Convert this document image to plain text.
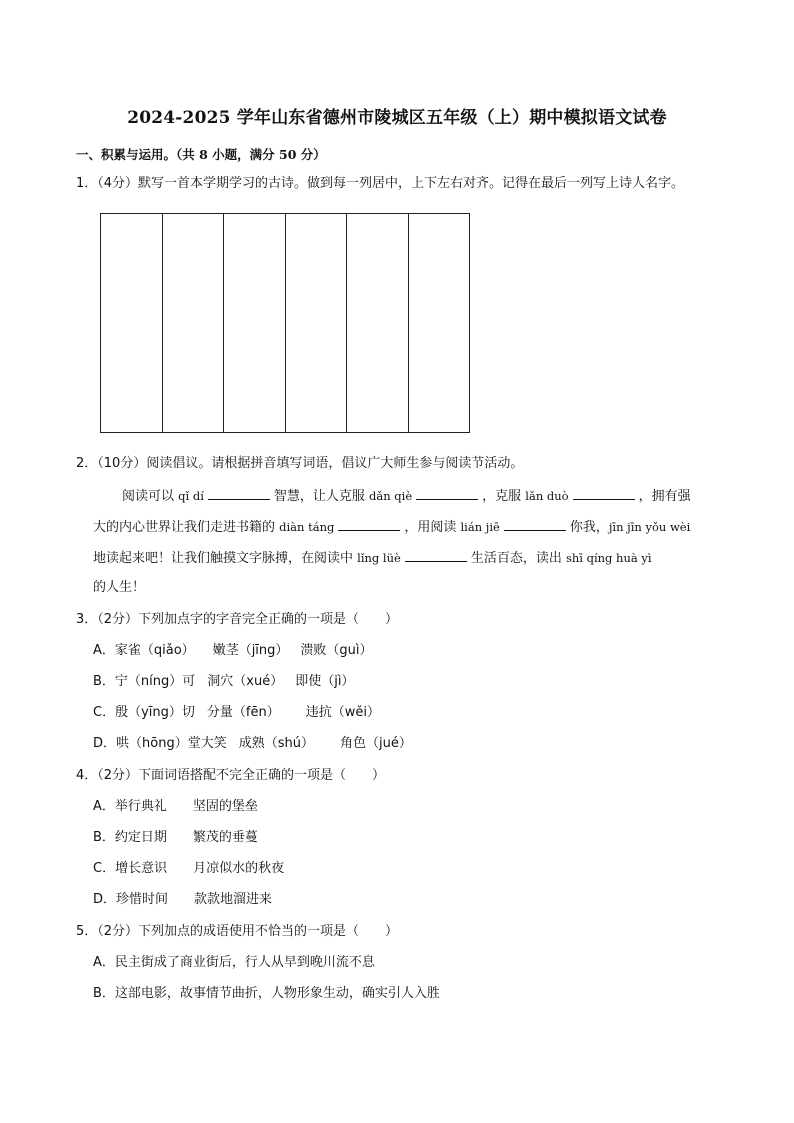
2024-2025 学年山东省德州市陵城区五年级（上）期中模拟语文试卷
一、积累与运用。（共 8 小题，满分 50 分）
1．（4分）默写一首本学期学习的古诗。做到每一列居中，上下左右对齐。记得在最后一列写上诗人名字。
2．（10分）阅读倡议。请根据拼音填写词语，倡议广大师生参与阅读节活动。
阅读可以 qǐ dí	智慧，让人克服 dǎn qiè	，克服 lǎn duò	，拥有强
大的内心世界让我们走进书籍的 diàn táng	，用阅读 lián jiē	你我，jīn jīn yǒu wèi
地读起来吧！让我们触摸文字脉搏，在阅读中 lǐng lüè	生活百态，读出 shī qíng huà yì
的人生！
3．（2分）下列加点字的字音完全正确的一项是（　　）
A．家雀（qiǎo） 嫩茎（jīng） 溃败（guì）
B．宁（níng）可 洞穴（xué） 即使（jì）
C．殷（yīng）切 分量（fēn） 违抗（wěi）
D．哄（hōng）堂大笑 成熟（shú） 角色（jué）
4．（2分）下面词语搭配不完全正确的一项是（　　）
A．举行典礼 坚固的堡垒
B．约定日期 繁茂的垂蔓
C．增长意识 月凉似水的秋夜
D．珍惜时间 款款地溜进来
5．（2分）下列加点的成语使用不恰当的一项是（　　）
A．民主街成了商业街后，行人从早到晚川流不息
B．这部电影，故事情节曲折，人物形象生动，确实引人入胜
